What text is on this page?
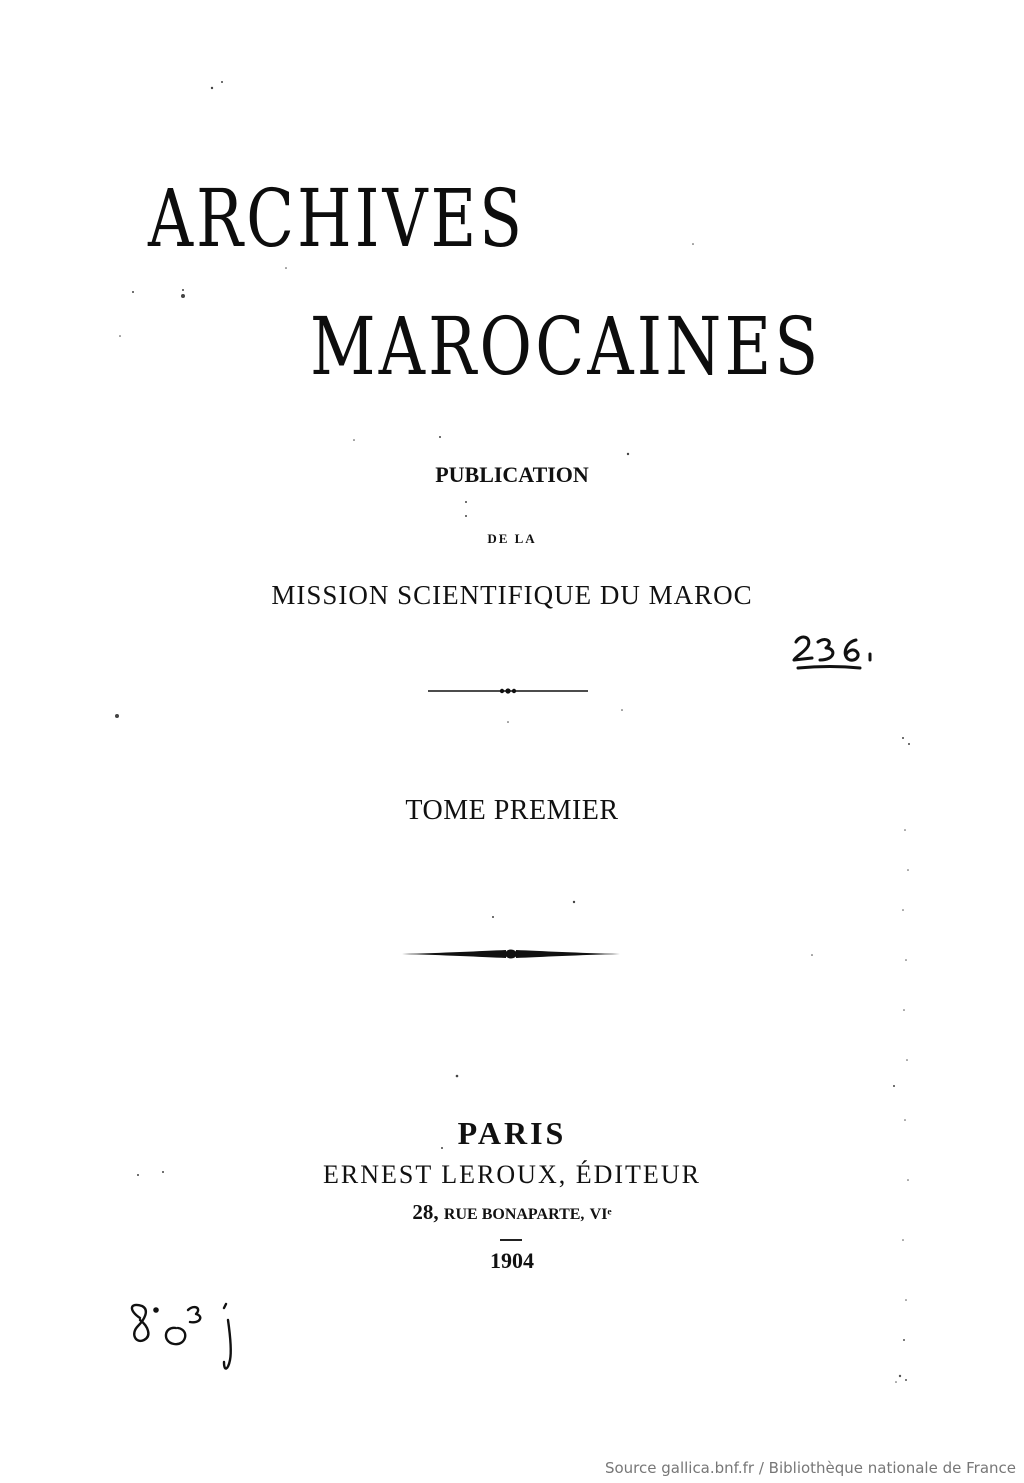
ARCHIVES
MAROCAINES
PUBLICATION
DE LA
MISSION SCIENTIFIQUE DU MAROC
TOME PREMIER
PARIS
ERNEST LEROUX, ÉDITEUR
28, RUE BONAPARTE, VIᵉ
1904
Source gallica.bnf.fr / Bibliothèque nationale de France
